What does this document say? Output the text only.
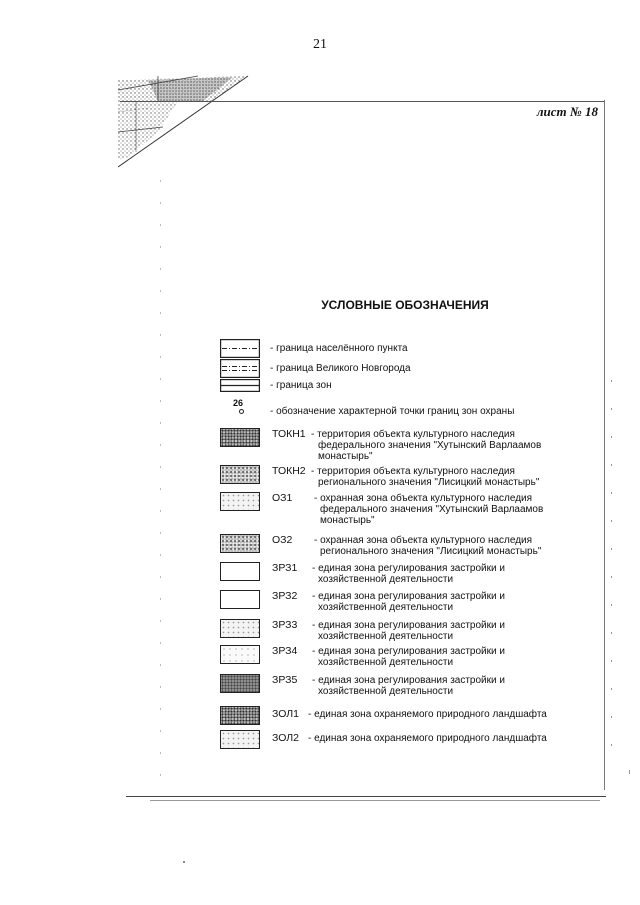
21
лист № 18
УСЛОВНЫЕ ОБОЗНАЧЕНИЯ
- граница населённого пункта
- граница Великого Новгорода
- граница зон
26
- обозначение характерной точки границ зон охраны
ТОКН1 - территория объекта культурного наследия
федерального значения "Хутынский Варлаамов
монастырь"
ТОКН2 - территория объекта культурного наследия
регионального значения "Лисицкий монастырь"
ОЗ1 - охранная зона объекта культурного наследия
федерального значения "Хутынский Варлаамов
монастырь"
ОЗ2 - охранная зона объекта культурного наследия
регионального значения "Лисицкий монастырь"
ЗРЗ1 - единая зона регулирования застройки и
хозяйственной деятельности
ЗРЗ2 - единая зона регулирования застройки и
хозяйственной деятельности
ЗРЗ3 - единая зона регулирования застройки и
хозяйственной деятельности
ЗРЗ4 - единая зона регулирования застройки и
хозяйственной деятельности
ЗРЗ5 - единая зона регулирования застройки и
хозяйственной деятельности
ЗОЛ1 - единая зона охраняемого природного ландшафта
ЗОЛ2 - единая зона охраняемого природного ландшафта
